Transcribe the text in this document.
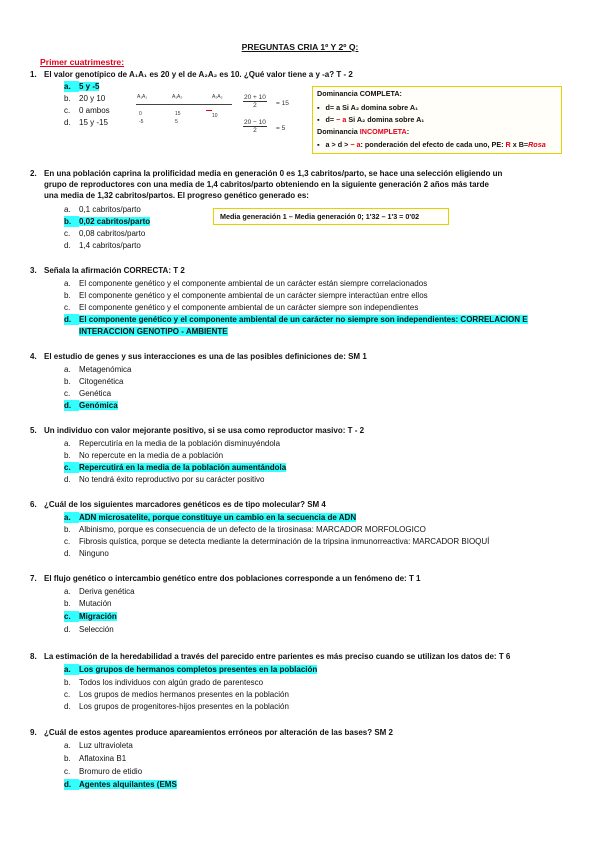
PREGUNTAS CRIA 1º Y 2º Q:
Primer cuatrimestre:
1. El valor genotípico de A₁A₁ es 20 y el de A₂A₂ es 10. ¿Qué valor tiene a y -a? T - 2
a. 5 y -5
b. 20 y 10
c. 0 ambos
d. 15 y -15
A₁A₁	A₁A₂	A₂A₂
0	15	10
-5	5
$\frac{20 + 10}{2} = 15$
$\frac{20 - 10}{2} = 5$
Dominancia COMPLETA:
▪   d= a Si A₂ domina sobre A₁
▪   d= − a Si A₂ domina sobre A₁
Dominancia INCOMPLETA:
▪   a > d > − a: ponderación del efecto de cada uno, PE: R x B=Rosa
2. En una población caprina la prolificidad media en generación 0 es 1,3 cabritos/parto, se hace una selección eligiendo un
grupo de reproductores con una media de 1,4 cabritos/parto obteniendo en la siguiente generación 2 años más tarde
una media de 1,32 cabritos/partos. El progreso genético generado es:
a. 0,1 cabritos/parto
b. 0,02 cabritos/parto
c. 0,08 cabritos/parto
d. 1,4 cabritos/parto
Media generación 1 – Media generación 0; 1'32 – 1'3 = 0'02
3. Señala la afirmación CORRECTA: T 2
a. El componente genético y el componente ambiental de un carácter están siempre correlacionados
b. El componente genético y el componente ambiental de un carácter siempre interactúan entre ellos
c. El componente genético y el componente ambiental de un carácter siempre son independientes
d. El componente genético y el componente ambiental de un carácter no siempre son independientes: CORRELACION E
INTERACCION GENOTIPO - AMBIENTE
4. El estudio de genes y sus interacciones es una de las posibles definiciones de: SM 1
a. Metagenómica
b. Citogenética
c. Genética
d. Genómica
5. Un individuo con valor mejorante positivo, si se usa como reproductor masivo: T - 2
a. Repercutiría en la media de la población disminuyéndola
b. No repercute en la media de a población
c. Repercutirá en la media de la población aumentándola
d. No tendrá éxito reproductivo por su carácter positivo
6. ¿Cuál de los siguientes marcadores genéticos es de tipo molecular? SM 4
a. ADN microsatelite, porque constituye un cambio en la secuencia de ADN
b. Albinismo, porque es consecuencia de un defecto de la tirosinasa: MARCADOR MORFOLOGICO
c. Fibrosis quística, porque se detecta mediante la determinación de la tripsina inmunorreactiva: MARCADOR BIOQUÍ
d. Ninguno
7. El flujo genético o intercambio genético entre dos poblaciones corresponde a un fenómeno de: T 1
a. Deriva genética
b. Mutación
c. Migración
d. Selección
8. La estimación de la heredabilidad a través del parecido entre parientes es más preciso cuando se utilizan los datos de: T 6
a. Los grupos de hermanos completos presentes en la población
b. Todos los individuos con algún grado de parentesco
c. Los grupos de medios hermanos presentes en la población
d. Los grupos de progenitores-hijos presentes en la población
9. ¿Cuál de estos agentes produce apareamientos erróneos por alteración de las bases? SM 2
a. Luz ultravioleta
b. Aflatoxina B1
c. Bromuro de etidio
d. Agentes alquilantes (EMS
